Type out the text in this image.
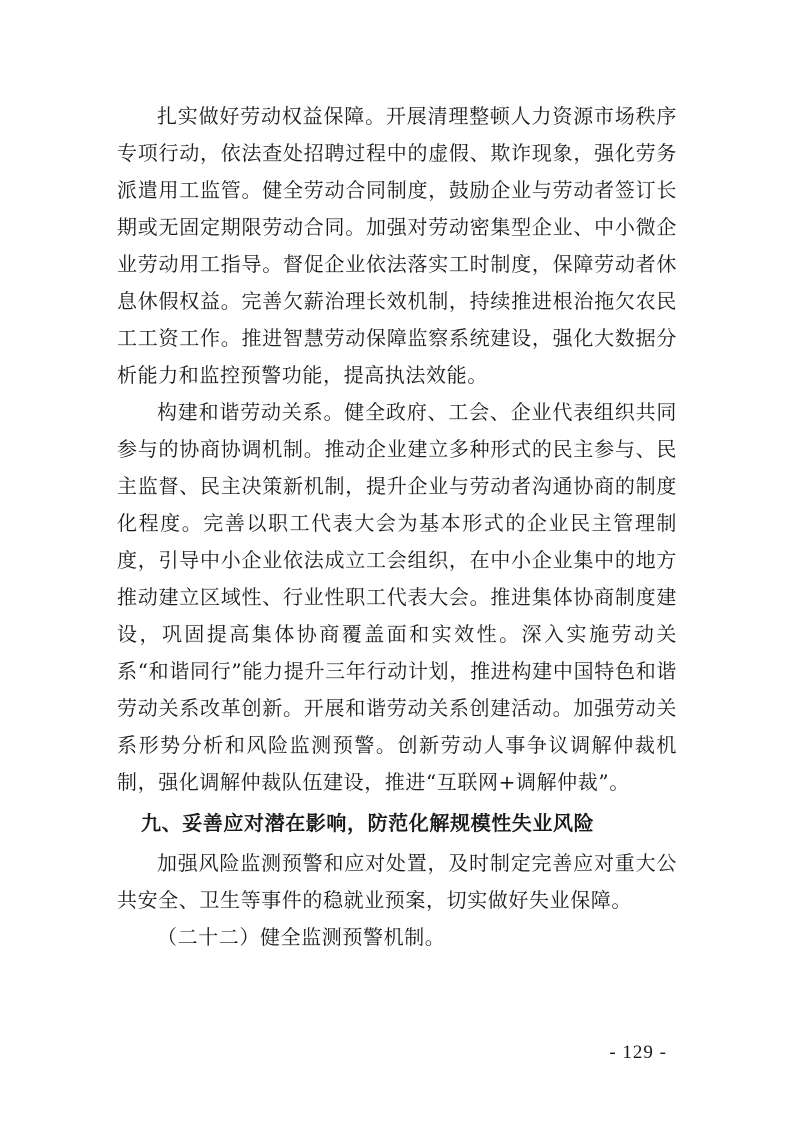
扎实做好劳动权益保障。开展清理整顿人力资源市场秩序专项行动，依法查处招聘过程中的虚假、欺诈现象，强化劳务派遣用工监管。健全劳动合同制度，鼓励企业与劳动者签订长期或无固定期限劳动合同。加强对劳动密集型企业、中小微企业劳动用工指导。督促企业依法落实工时制度，保障劳动者休息休假权益。完善欠薪治理长效机制，持续推进根治拖欠农民工工资工作。推进智慧劳动保障监察系统建设，强化大数据分析能力和监控预警功能，提高执法效能。

构建和谐劳动关系。健全政府、工会、企业代表组织共同参与的协商协调机制。推动企业建立多种形式的民主参与、民主监督、民主决策新机制，提升企业与劳动者沟通协商的制度化程度。完善以职工代表大会为基本形式的企业民主管理制度，引导中小企业依法成立工会组织，在中小企业集中的地方推动建立区域性、行业性职工代表大会。推进集体协商制度建设，巩固提高集体协商覆盖面和实效性。深入实施劳动关系“和谐同行”能力提升三年行动计划，推进构建中国特色和谐劳动关系改革创新。开展和谐劳动关系创建活动。加强劳动关系形势分析和风险监测预警。创新劳动人事争议调解仲裁机制，强化调解仲裁队伍建设，推进“互联网+调解仲裁”。

九、妥善应对潜在影响，防范化解规模性失业风险

加强风险监测预警和应对处置，及时制定完善应对重大公共安全、卫生等事件的稳就业预案，切实做好失业保障。

（二十二）健全监测预警机制。

- 129 -
